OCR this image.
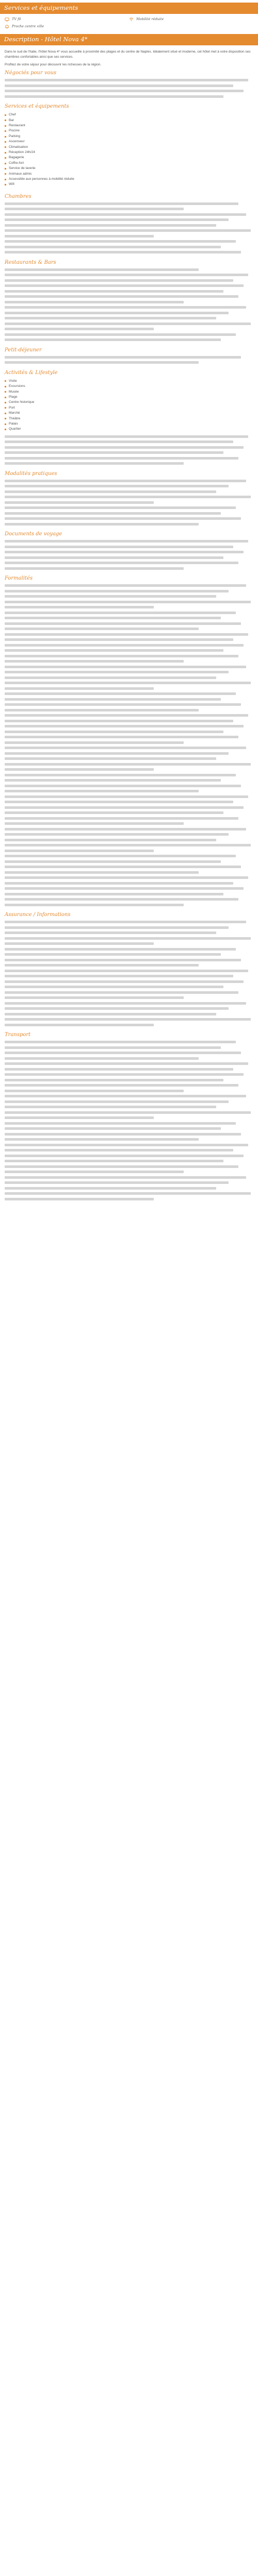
Services et équipements
TV fil	Mobilité réduite
Proche centre ville
Description - Hôtel Nova 4*

Dans le sud de l'Italie, l'hôtel Nova 4* vous accueille à proximité des plages et du centre de Naples. Idéalement situé et moderne, cet hôtel met à votre disposition ses chambres confortables ainsi que ses services.

Profitez de votre séjour pour découvrir les richesses de la région.

Négociés pour vous
Services et équipements
Chef
Bar
Restaurant
Piscine
Parking
Ascenseur
Climatisation
Réception 24h/24
Bagagerie
Coffre-fort
Service de laverie
Animaux admis
Accessible aux personnes à mobilité réduite
Wifi
Chambres
Restaurants & Bars
Petit-déjeuner
Activités & Lifestyle
Visite
Excursions
Musée
Plage
Centre historique
Port
Marché
Théâtre
Palais
Quartier
Modalités pratiques
Documents de voyage
Formalités
Assurance / Informations
Transport
